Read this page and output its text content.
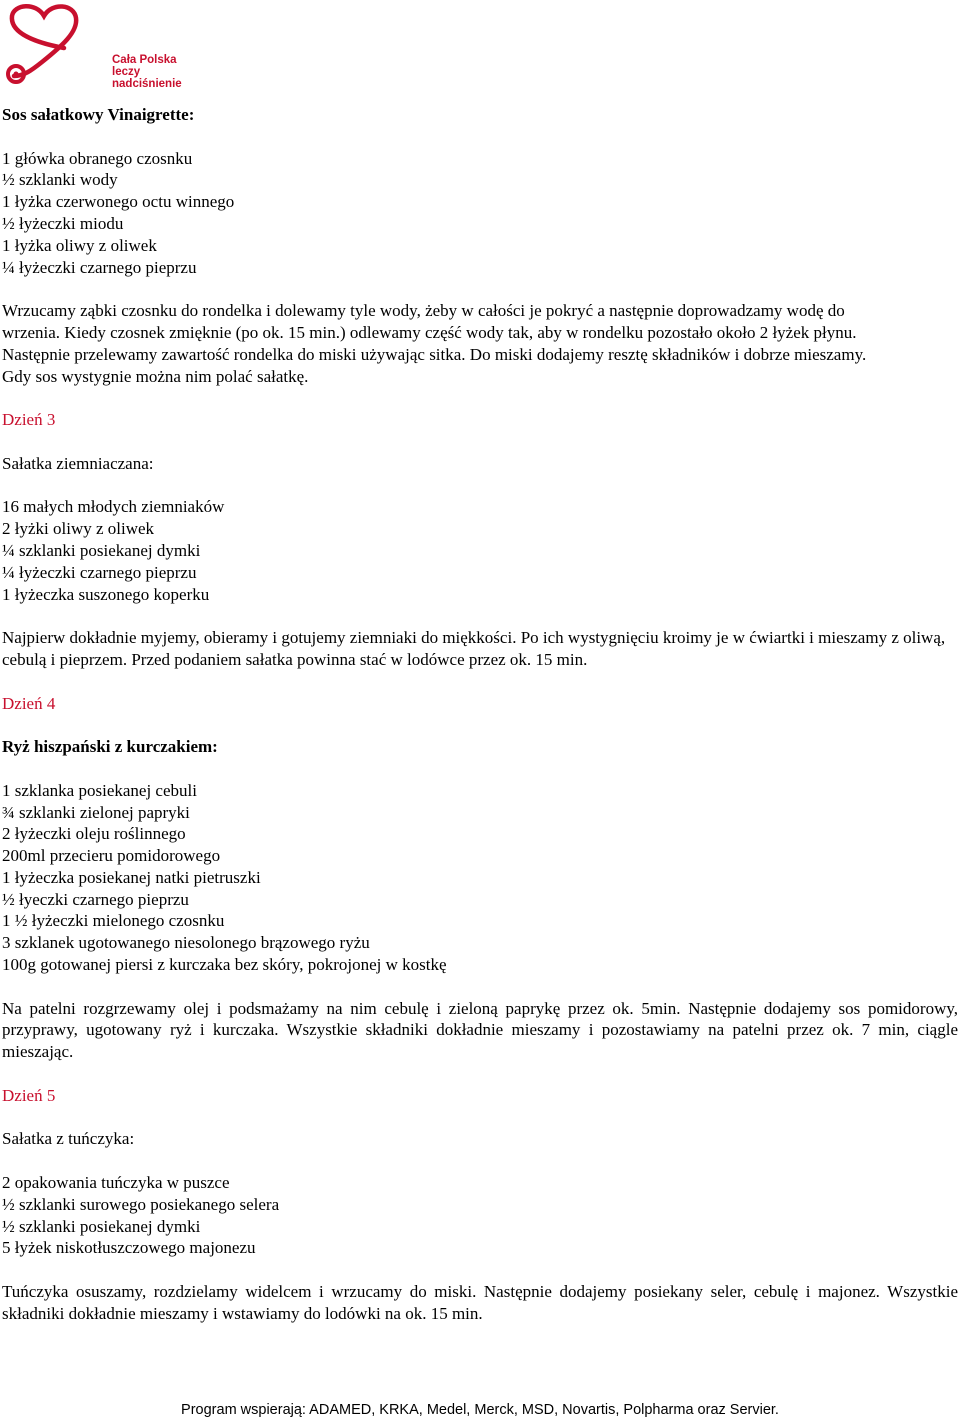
Cała Polska
leczy nadciśnienie

Sos sałatkowy Vinaigrette:

1 główka obranego czosnku

½ szklanki wody

1 łyżka czerwonego octu winnego

½ łyżeczki miodu

1 łyżka oliwy z oliwek

¼ łyżeczki czarnego pieprzu

Wrzucamy ząbki czosnku do rondelka i dolewamy tyle wody, żeby w całości je pokryć a następnie doprowadzamy wodę do

wrzenia. Kiedy czosnek zmięknie (po ok. 15 min.) odlewamy część wody tak, aby w rondelku pozostało około 2 łyżek płynu.

Następnie przelewamy zawartość rondelka do miski używając sitka. Do miski dodajemy resztę składników i dobrze mieszamy.

Gdy sos wystygnie można nim polać sałatkę.

Dzień 3

Sałatka ziemniaczana:

16 małych młodych ziemniaków

2 łyżki oliwy z oliwek

¼ szklanki posiekanej dymki

¼ łyżeczki czarnego pieprzu

1 łyżeczka suszonego koperku

Najpierw dokładnie myjemy, obieramy i gotujemy ziemniaki do miękkości. Po ich wystygnięciu kroimy je w ćwiartki i mieszamy z oliwą, cebulą i pieprzem. Przed podaniem sałatka powinna stać w lodówce przez ok. 15 min.

Dzień 4

Ryż hiszpański z kurczakiem:

1 szklanka posiekanej cebuli

¾ szklanki zielonej papryki

2 łyżeczki oleju roślinnego

200ml przecieru pomidorowego

1 łyżeczka posiekanej natki pietruszki

½ łyeczki czarnego pieprzu

1 ½ łyżeczki mielonego czosnku

3 szklanek ugotowanego niesolonego brązowego ryżu

100g gotowanej piersi z kurczaka bez skóry, pokrojonej w kostkę

Na patelni rozgrzewamy olej i podsmażamy na nim cebulę i zieloną paprykę przez ok. 5min. Następnie dodajemy sos pomidorowy, przyprawy, ugotowany ryż i kurczaka. Wszystkie składniki dokładnie mieszamy i pozostawiamy na patelni przez ok. 7 min, ciągle mieszając.

Dzień 5

Sałatka z tuńczyka:

2 opakowania tuńczyka w puszce

½ szklanki surowego posiekanego selera

½ szklanki posiekanej dymki

5 łyżek niskotłuszczowego majonezu

Tuńczyka osuszamy, rozdzielamy widelcem i wrzucamy do miski. Następnie dodajemy posiekany seler, cebulę i majonez. Wszystkie składniki dokładnie mieszamy i wstawiamy do lodówki na ok. 15 min.

Program wspierają: ADAMED, KRKA, Medel, Merck, MSD, Novartis, Polpharma oraz Servier.
